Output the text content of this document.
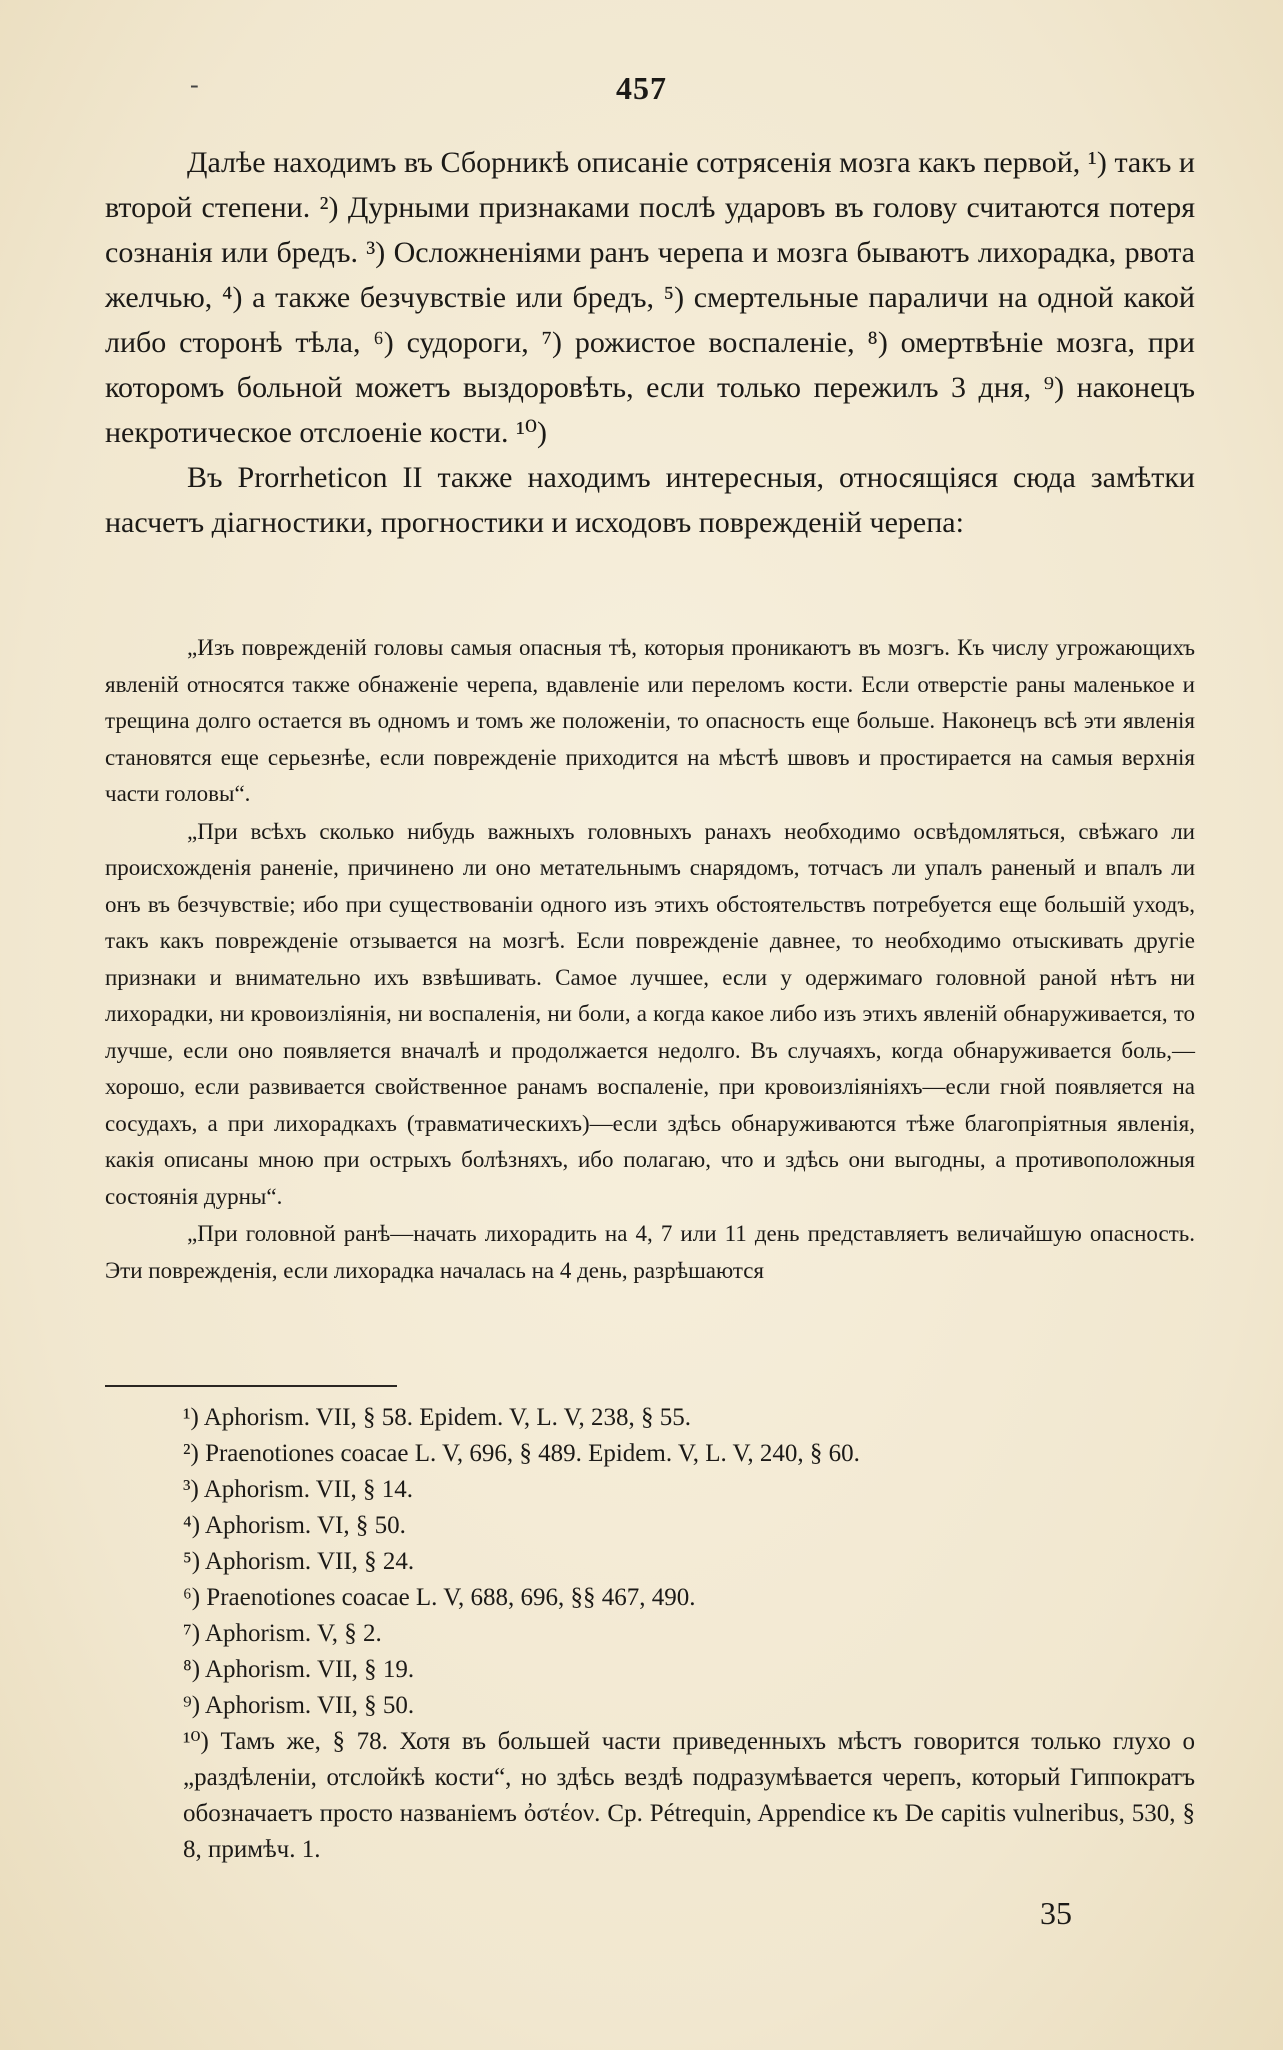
-	457

Далѣе находимъ въ Сборникѣ описаніе сотрясенія мозга какъ первой, ¹) такъ и второй степени. ²) Дурными признаками послѣ ударовъ въ голову считаются потеря сознанія или бредъ. ³) Осложненіями ранъ черепа и мозга бываютъ лихорадка, рвота желчью, ⁴) а также безчувствіе или бредъ, ⁵) смертельные параличи на одной какой либо сторонѣ тѣла, ⁶) судороги, ⁷) рожистое воспаленіе, ⁸) омертвѣніе мозга, при которомъ больной можетъ выздоровѣть, если только пережилъ 3 дня, ⁹) наконецъ некротическое отслоеніе кости. ¹⁰)

Въ Prorrheticon II также находимъ интересныя, относящіяся сюда замѣтки насчетъ діагностики, прогностики и исходовъ поврежденій черепа:

„Изъ поврежденій головы самыя опасныя тѣ, которыя проникаютъ въ мозгъ. Къ числу угрожающихъ явленій относятся также обнаженіе черепа, вдавленіе или переломъ кости. Если отверстіе раны маленькое и трещина долго остается въ одномъ и томъ же положеніи, то опасность еще больше. Наконецъ всѣ эти явленія становятся еще серьезнѣе, если поврежденіе приходится на мѣстѣ швовъ и простирается на самыя верхнія части головы“.

„При всѣхъ сколько нибудь важныхъ головныхъ ранахъ необходимо освѣдомляться, свѣжаго ли происхожденія раненіе, причинено ли оно метательнымъ снарядомъ, тотчасъ ли упалъ раненый и впалъ ли онъ въ безчувствіе; ибо при существованіи одного изъ этихъ обстоятельствъ потребуется еще большій уходъ, такъ какъ поврежденіе отзывается на мозгѣ. Если поврежденіе давнее, то необходимо отыскивать другіе признаки и внимательно ихъ взвѣшивать. Самое лучшее, если у одержимаго головной раной нѣтъ ни лихорадки, ни кровоизліянія, ни воспаленія, ни боли, а когда какое либо изъ этихъ явленій обнаруживается, то лучше, если оно появляется вначалѣ и продолжается недолго. Въ случаяхъ, когда обнаруживается боль,—хорошо, если развивается свойственное ранамъ воспаленіе, при кровоизліяніяхъ—если гной появляется на сосудахъ, а при лихорадкахъ (травматическихъ)—если здѣсь обнаруживаются тѣже благопріятныя явленія, какія описаны мною при острыхъ болѣзняхъ, ибо полагаю, что и здѣсь они выгодны, а противоположныя состоянія дурны“.

„При головной ранѣ—начать лихорадить на 4, 7 или 11 день представляетъ величайшую опасность. Эти поврежденія, если лихорадка началась на 4 день, разрѣшаются

¹) Aphorism. VII, § 58. Epidem. V, L. V, 238, § 55.

²) Praenotiones coacae L. V, 696, § 489. Epidem. V, L. V, 240, § 60.

³) Aphorism. VII, § 14.

⁴) Aphorism. VI, § 50.

⁵) Aphorism. VII, § 24.

⁶) Praenotiones coacae L. V, 688, 696, §§ 467, 490.

⁷) Aphorism. V, § 2.

⁸) Aphorism. VII, § 19.

⁹) Aphorism. VII, § 50.

¹⁰) Тамъ же, § 78. Хотя въ большей части приведенныхъ мѣстъ говорится только глухо о „раздѣленіи, отслойкѣ кости“, но здѣсь вездѣ подразумѣвается черепъ, который Гиппократъ обозначаетъ просто названіемъ ὀστέον. Ср. Pétrequin, Appendice къ De capitis vulneribus, 530, § 8, примѣч. 1.

35
